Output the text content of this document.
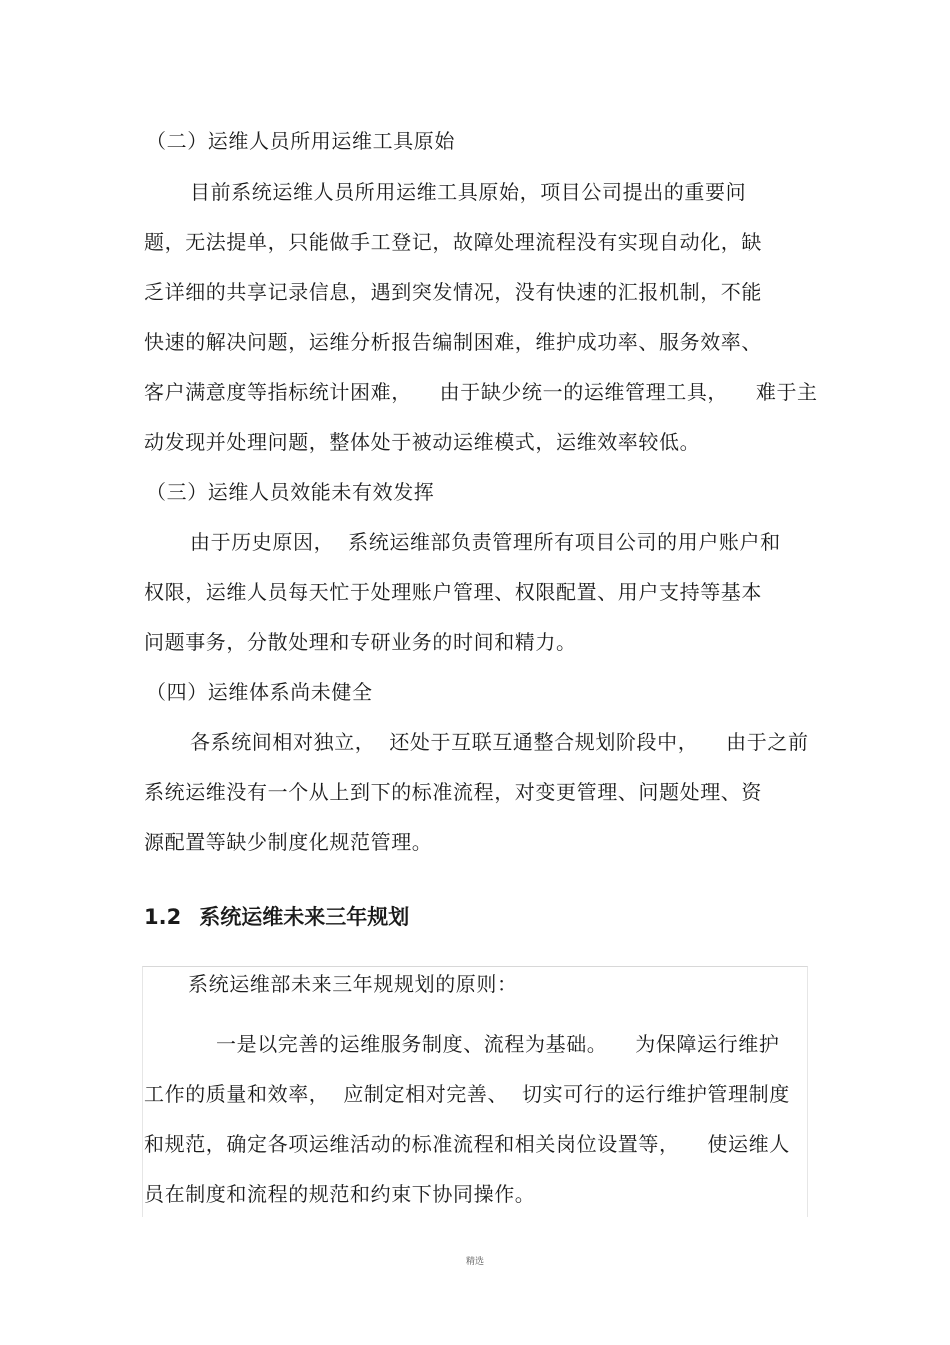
（二）运维人员所用运维工具原始

目前系统运维人员所用运维工具原始，项目公司提出的重要问

题，无法提单，只能做手工登记，故障处理流程没有实现自动化，缺

乏详细的共享记录信息，遇到突发情况，没有快速的汇报机制，不能

快速的解决问题，运维分析报告编制困难，维护成功率、服务效率、

客户满意度等指标统计困难，    由于缺少统一的运维管理工具，    难于主

动发现并处理问题，整体处于被动运维模式，运维效率较低。

（三）运维人员效能未有效发挥

由于历史原因，  系统运维部负责管理所有项目公司的用户账户和

权限，运维人员每天忙于处理账户管理、权限配置、用户支持等基本

问题事务，分散处理和专研业务的时间和精力。

（四）运维体系尚未健全

各系统间相对独立，  还处于互联互通整合规划阶段中，    由于之前

系统运维没有一个从上到下的标准流程，对变更管理、问题处理、资

源配置等缺少制度化规范管理。

1.2 系统运维未来三年规划

系统运维部未来三年规规划的原则：

一是以完善的运维服务制度、流程为基础。    为保障运行维护

工作的质量和效率，  应制定相对完善、  切实可行的运行维护管理制度

和规范，确定各项运维活动的标准流程和相关岗位设置等，    使运维人

员在制度和流程的规范和约束下协同操作。

精选
